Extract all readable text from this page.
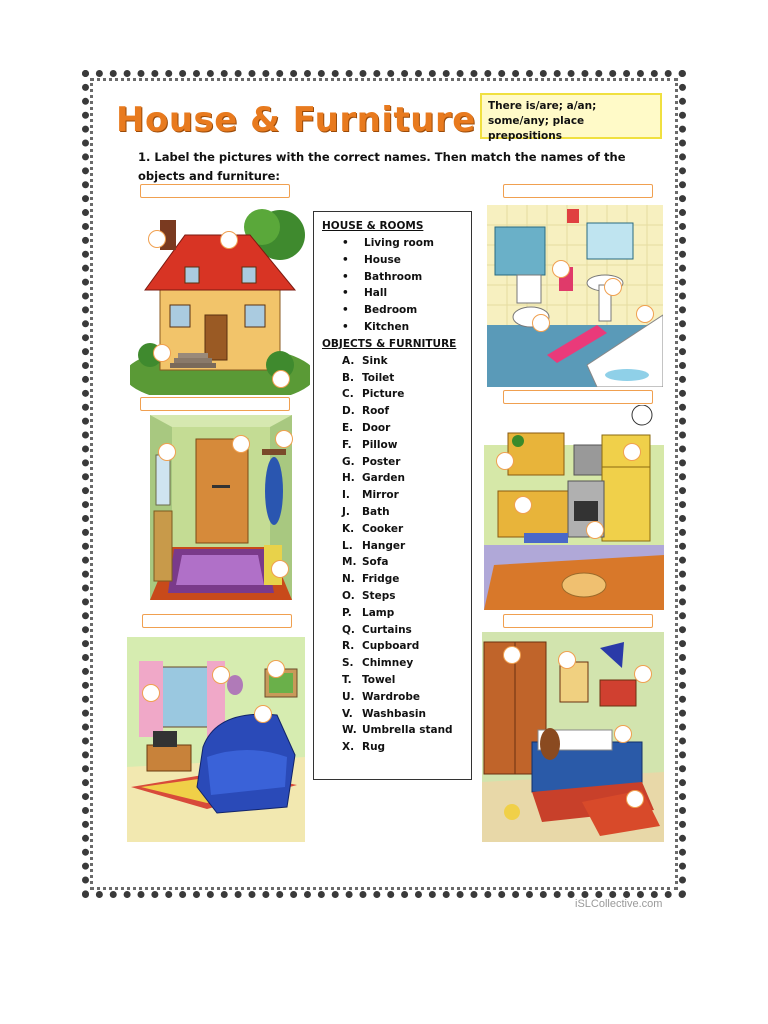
House & Furniture	There is/are; a/an; some/any; place prepositions
1. Label the pictures with the correct names. Then match the names of the objects and furniture:
HOUSE & ROOMS
• Living room
• House
• Bathroom
• Hall
• Bedroom
• Kitchen
OBJECTS & FURNITURE
A. Sink
B. Toilet
C. Picture
D. Roof
E. Door
F. Pillow
G. Poster
H. Garden
I. Mirror
J. Bath
K. Cooker
L. Hanger
M. Sofa
N. Fridge
O. Steps
P. Lamp
Q. Curtains
R. Cupboard
S. Chimney
T. Towel
U. Wardrobe
V. Washbasin
W. Umbrella stand
X. Rug
iSLCollective.com
